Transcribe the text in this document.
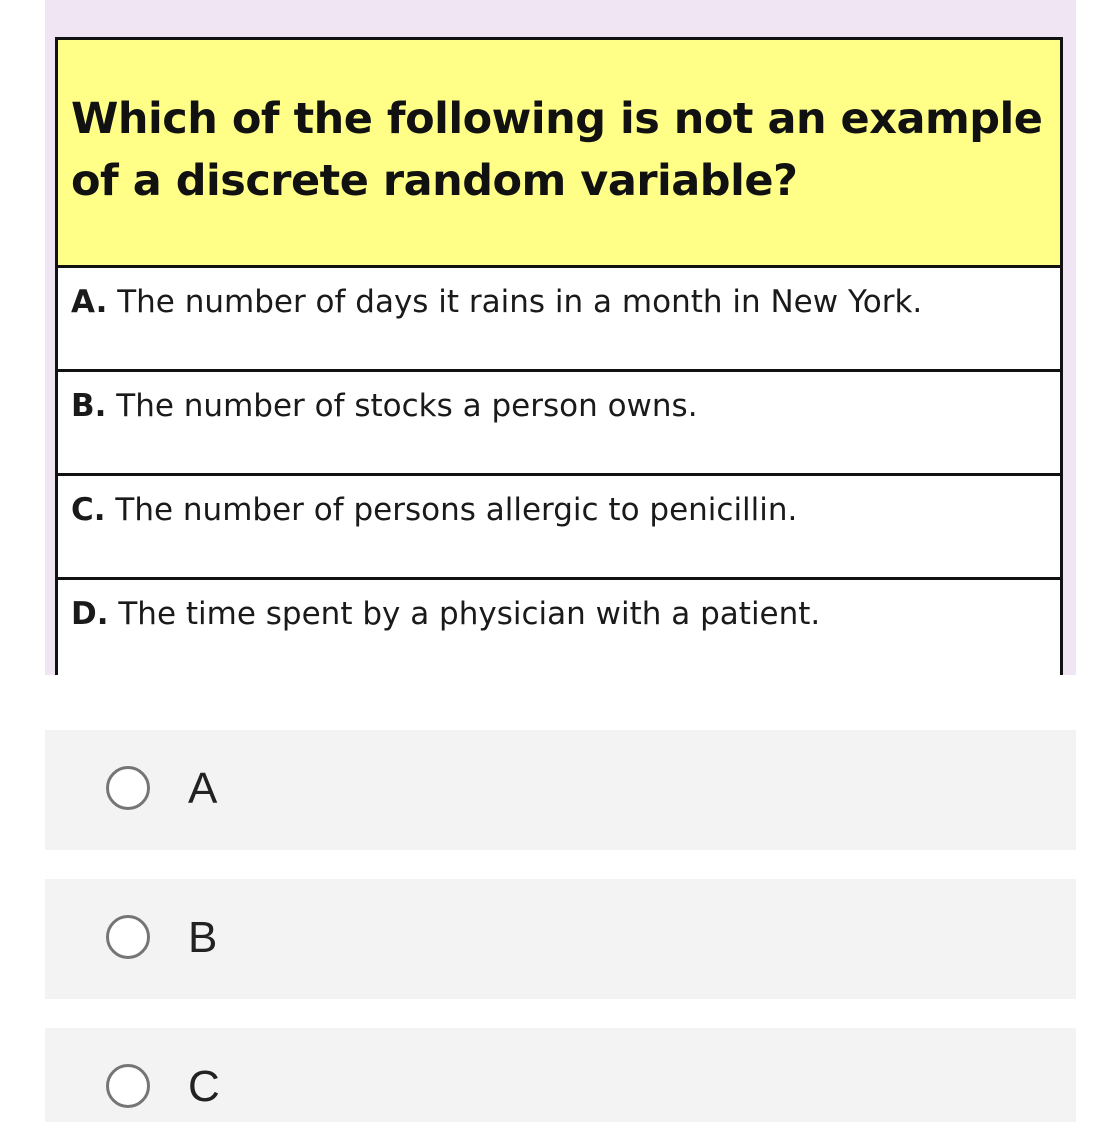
Which of the following is not an example of a discrete random variable?
A. The number of days it rains in a month in New York.
B. The number of stocks a person owns.
C. The number of persons allergic to penicillin.
D. The time spent by a physician with a patient.
A
B
C
